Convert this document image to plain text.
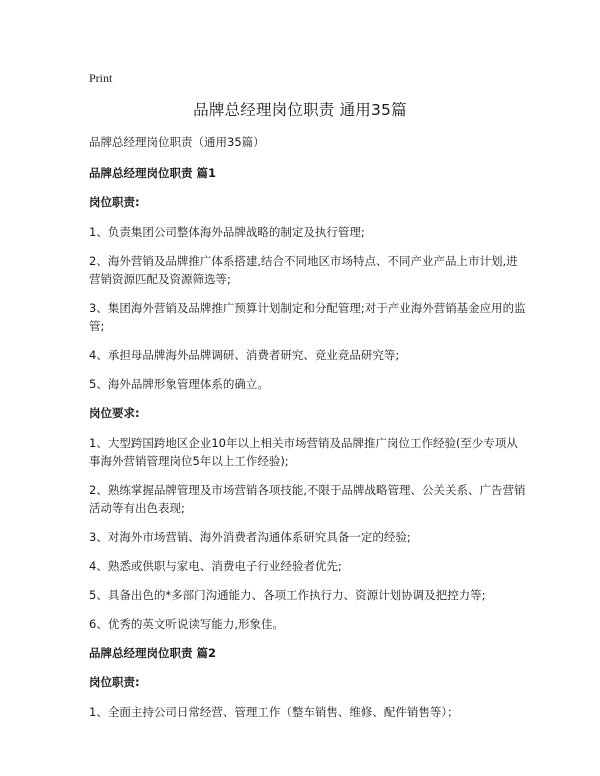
Print
品牌总经理岗位职责 通用35篇

品牌总经理岗位职责（通用35篇）

品牌总经理岗位职责 篇1

岗位职责:

1、负责集团公司整体海外品牌战略的制定及执行管理;

2、海外营销及品牌推广体系搭建,结合不同地区市场特点、不同产业产品上市计划,进营销资源匹配及资源筛选等;

3、集团海外营销及品牌推广预算计划制定和分配管理;对于产业海外营销基金应用的监管;

4、承担母品牌海外品牌调研、消费者研究、竞业竞品研究等;

5、海外品牌形象管理体系的确立。

岗位要求:

1、大型跨国跨地区企业10年以上相关市场营销及品牌推广岗位工作经验(至少专项从事海外营销管理岗位5年以上工作经验);

2、熟练掌握品牌管理及市场营销各项技能,不限于品牌战略管理、公关关系、广告营销活动等有出色表现;

3、对海外市场营销、海外消费者沟通体系研究具备一定的经验;

4、熟悉或供职与家电、消费电子行业经验者优先;

5、具备出色的*多部门沟通能力、各项工作执行力、资源计划协调及把控力等;

6、优秀的英文听说读写能力,形象佳。

品牌总经理岗位职责 篇2

岗位职责:

1、全面主持公司日常经营、管理工作（整车销售、维修、配件销售等）；
